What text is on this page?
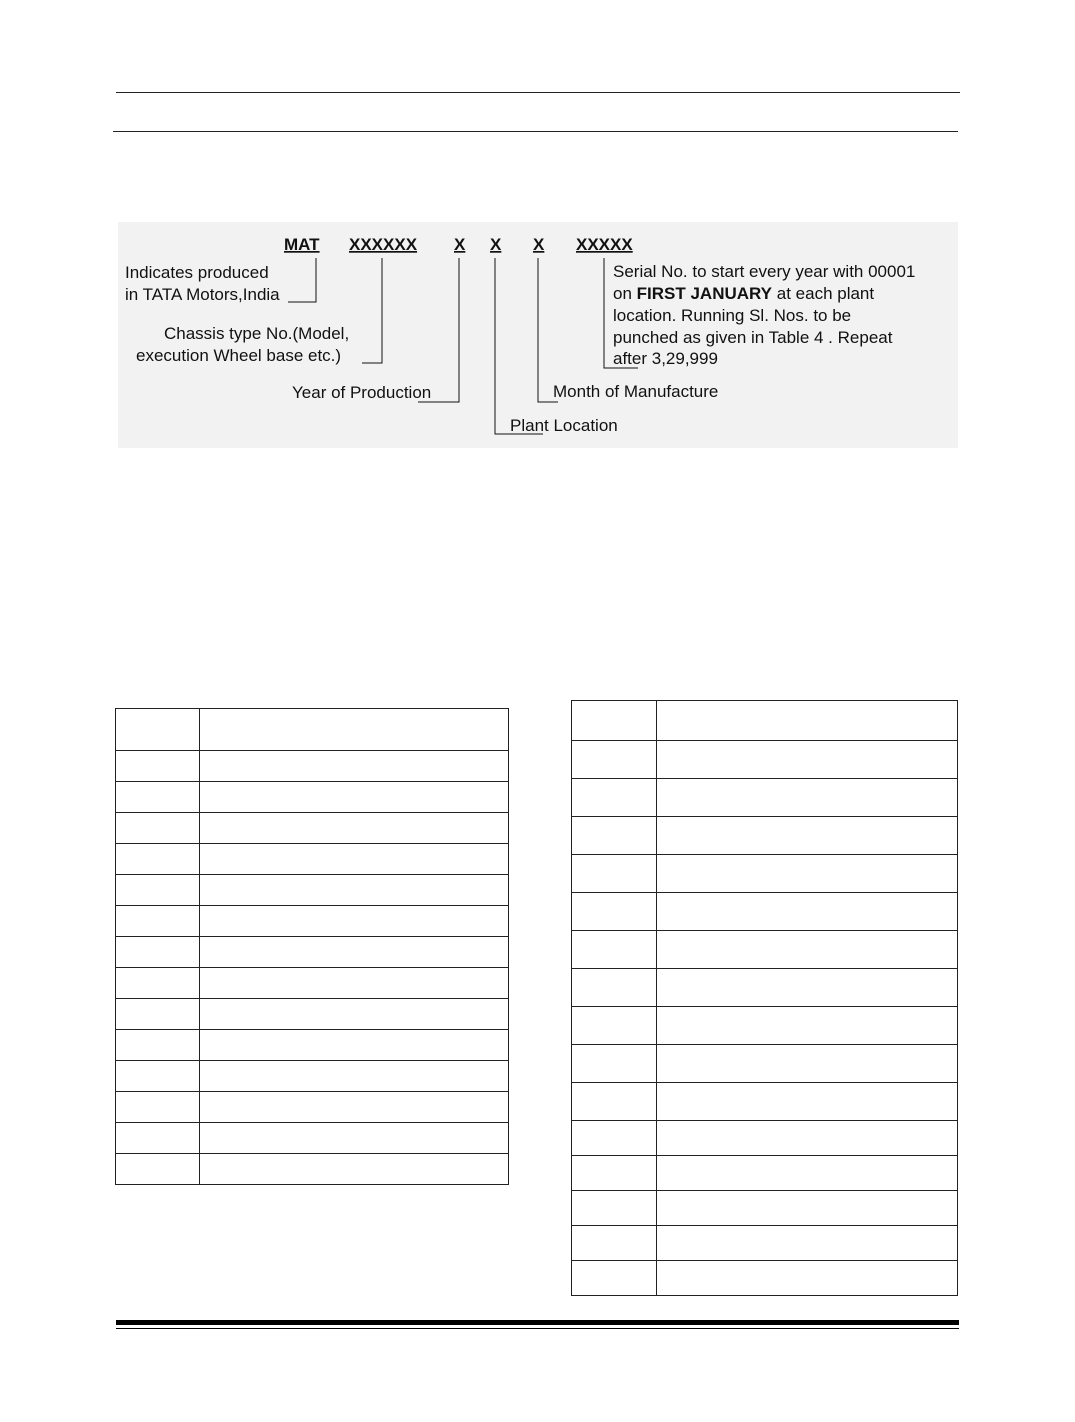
MAT XXXXXX X X X XXXXX
Indicates produced
in TATA Motors,India
Chassis type No.(Model,
execution Wheel base etc.)
Year of Production
Plant Location
Month of Manufacture
Serial No. to start every year with 00001
on FIRST JANUARY at each plant
location. Running Sl. Nos. to be
punched as given in Table 4 . Repeat
after 3,29,999
